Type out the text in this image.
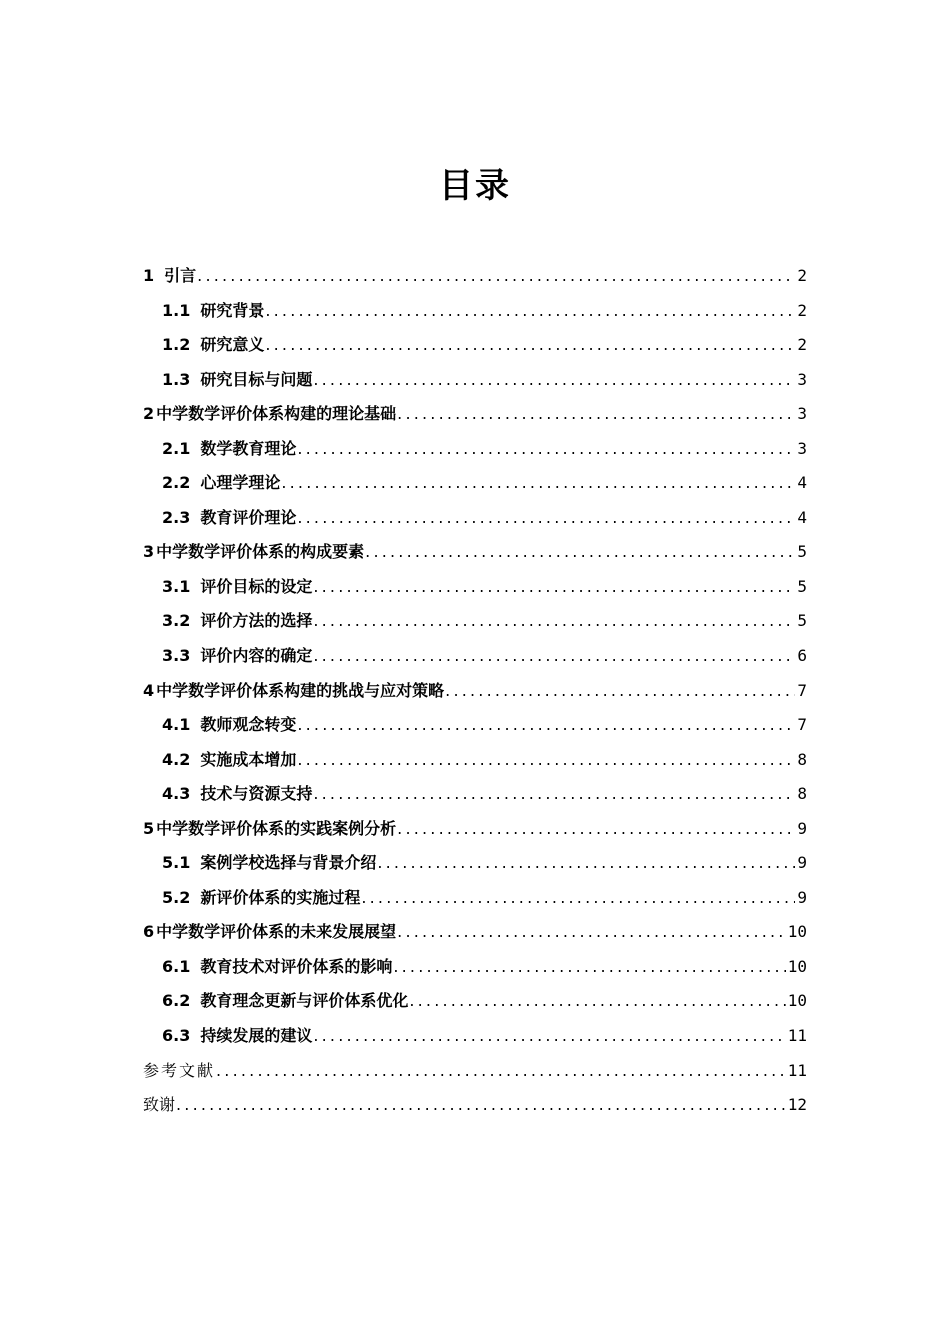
目录
1 引言 .....	2
1.1 研究背景 .....	2
1.2 研究意义 .....	2
1.3 研究目标与问题 .....	3
2 中学数学评价体系构建的理论基础 .....	3
2.1 数学教育理论 .....	3
2.2 心理学理论 .....	4
2.3 教育评价理论 .....	4
3 中学数学评价体系的构成要素 .....	5
3.1 评价目标的设定 .....	5
3.2 评价方法的选择 .....	5
3.3 评价内容的确定 .....	6
4 中学数学评价体系构建的挑战与应对策略 .....	7
4.1 教师观念转变 .....	7
4.2 实施成本增加 .....	8
4.3 技术与资源支持 .....	8
5 中学数学评价体系的实践案例分析 .....	9
5.1 案例学校选择与背景介绍 .....	9
5.2 新评价体系的实施过程 .....	9
6 中学数学评价体系的未来发展展望 .....	10
6.1 教育技术对评价体系的影响 .....	10
6.2 教育理念更新与评价体系优化 .....	10
6.3 持续发展的建议 .....	11
参考文献 .....	11
致谢 .....	12
